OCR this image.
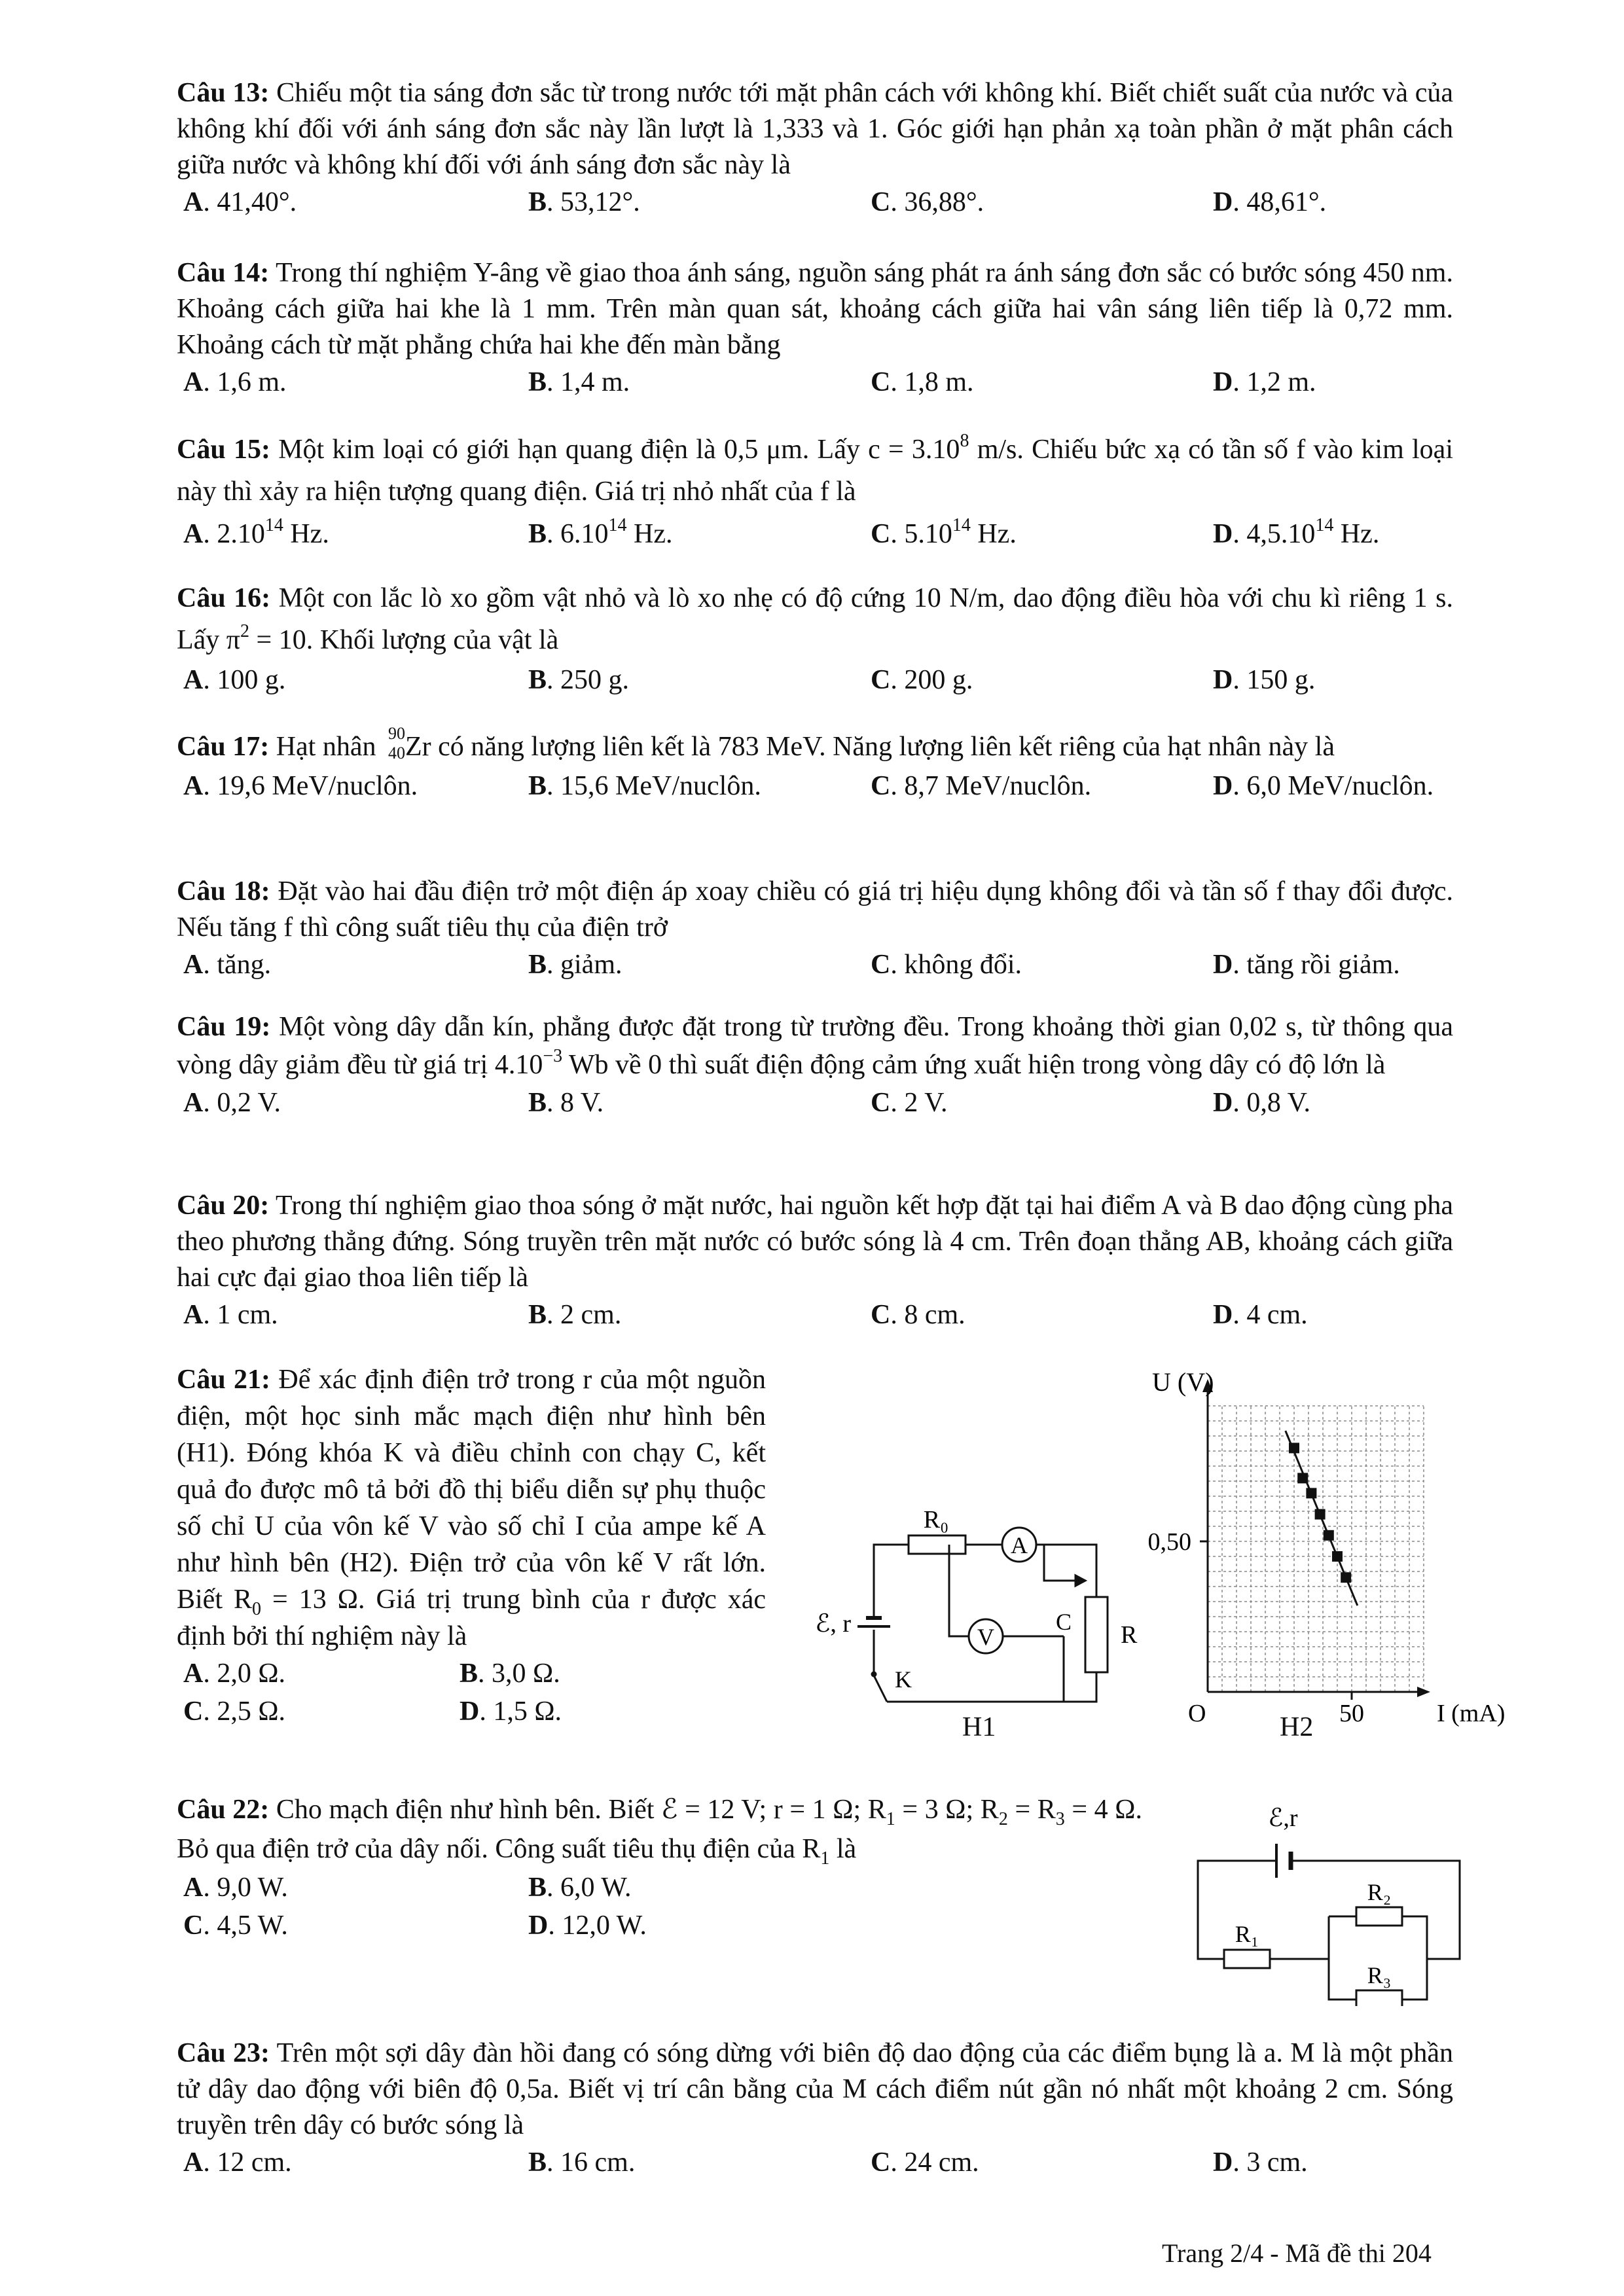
Câu 13: Chiếu một tia sáng đơn sắc từ trong nước tới mặt phân cách với không khí. Biết chiết suất của nước và của không khí đối với ánh sáng đơn sắc này lần lượt là 1,333 và 1. Góc giới hạn phản xạ toàn phần ở mặt phân cách giữa nước và không khí đối với ánh sáng đơn sắc này là
A. 41,40°.	B. 53,12°.	C. 36,88°.	D. 48,61°.
Câu 14: Trong thí nghiệm Y-âng về giao thoa ánh sáng, nguồn sáng phát ra ánh sáng đơn sắc có bước sóng 450 nm. Khoảng cách giữa hai khe là 1 mm. Trên màn quan sát, khoảng cách giữa hai vân sáng liên tiếp là 0,72 mm. Khoảng cách từ mặt phẳng chứa hai khe đến màn bằng
A. 1,6 m.	B. 1,4 m.	C. 1,8 m.	D. 1,2 m.
Câu 15: Một kim loại có giới hạn quang điện là 0,5 μm. Lấy $c = 3.10^8$ m/s. Chiếu bức xạ có tần số f vào kim loại này thì xảy ra hiện tượng quang điện. Giá trị nhỏ nhất của f là
A. 2.10$^{14}$ Hz.	B. 6.10$^{14}$ Hz.	C. 5.10$^{14}$ Hz.	D. 4,5.10$^{14}$ Hz.
Câu 16: Một con lắc lò xo gồm vật nhỏ và lò xo nhẹ có độ cứng 10 N/m, dao động điều hòa với chu kì riêng 1 s. Lấy $\pi^2 = 10$. Khối lượng của vật là
A. 100 g.	B. 250 g.	C. 200 g.	D. 150 g.
Câu 17: Hạt nhân 90
40 Zr có năng lượng liên kết là 783 MeV. Năng lượng liên kết riêng của hạt nhân này là
A. 19,6 MeV/nuclôn.	B. 15,6 MeV/nuclôn.	C. 8,7 MeV/nuclôn.	D. 6,0 MeV/nuclôn.
Câu 18: Đặt vào hai đầu điện trở một điện áp xoay chiều có giá trị hiệu dụng không đổi và tần số f thay đổi được. Nếu tăng f thì công suất tiêu thụ của điện trở
A. tăng.	B. giảm.	C. không đổi.	D. tăng rồi giảm.
Câu 19: Một vòng dây dẫn kín, phẳng được đặt trong từ trường đều. Trong khoảng thời gian 0,02 s, từ thông qua vòng dây giảm đều từ giá trị $4.10^{-3}$ Wb về 0 thì suất điện động cảm ứng xuất hiện trong vòng dây có độ lớn là
A. 0,2 V.	B. 8 V.	C. 2 V.	D. 0,8 V.
Câu 20: Trong thí nghiệm giao thoa sóng ở mặt nước, hai nguồn kết hợp đặt tại hai điểm A và B dao động cùng pha theo phương thẳng đứng. Sóng truyền trên mặt nước có bước sóng là 4 cm. Trên đoạn thẳng AB, khoảng cách giữa hai cực đại giao thoa liên tiếp là
A. 1 cm.	B. 2 cm.	C. 8 cm.	D. 4 cm.
Câu 21: Để xác định điện trở trong r của một nguồn điện, một học sinh mắc mạch điện như hình bên (H1). Đóng khóa K và điều chỉnh con chạy C, kết quả đo được mô tả bởi đồ thị biểu diễn sự phụ thuộc số chỉ U của vôn kế V vào số chỉ I của ampe kế A như hình bên (H2). Điện trở của vôn kế V rất lớn. Biết $R_0 = 13$ Ω. Giá trị trung bình của r được xác định bởi thí nghiệm này là
A. 2,0 Ω.	B. 3,0 Ω.
C. 2,5 Ω.	D. 1,5 Ω.
R₀
A
V
ℰ, r
K
C R
H1
U (V)
0,50
50
O	I (mA)
H2
Câu 22: Cho mạch điện như hình bên. Biết ℰ = 12 V; r = 1 Ω; $R_1 = 3$ Ω; $R_2 = R_3 = 4$ Ω. Bỏ qua điện trở của dây nối. Công suất tiêu thụ điện của $R_1$ là
A. 9,0 W.	B. 6,0 W.
C. 4,5 W.	D. 12,0 W.
ℰ,r
R₁
R₂
R₃
Câu 23: Trên một sợi dây đàn hồi đang có sóng dừng với biên độ dao động của các điểm bụng là a. M là một phần tử dây dao động với biên độ 0,5a. Biết vị trí cân bằng của M cách điểm nút gần nó nhất một khoảng 2 cm. Sóng truyền trên dây có bước sóng là
A. 12 cm.	B. 16 cm.	C. 24 cm.	D. 3 cm.
Trang 2/4 - Mã đề thi 204
